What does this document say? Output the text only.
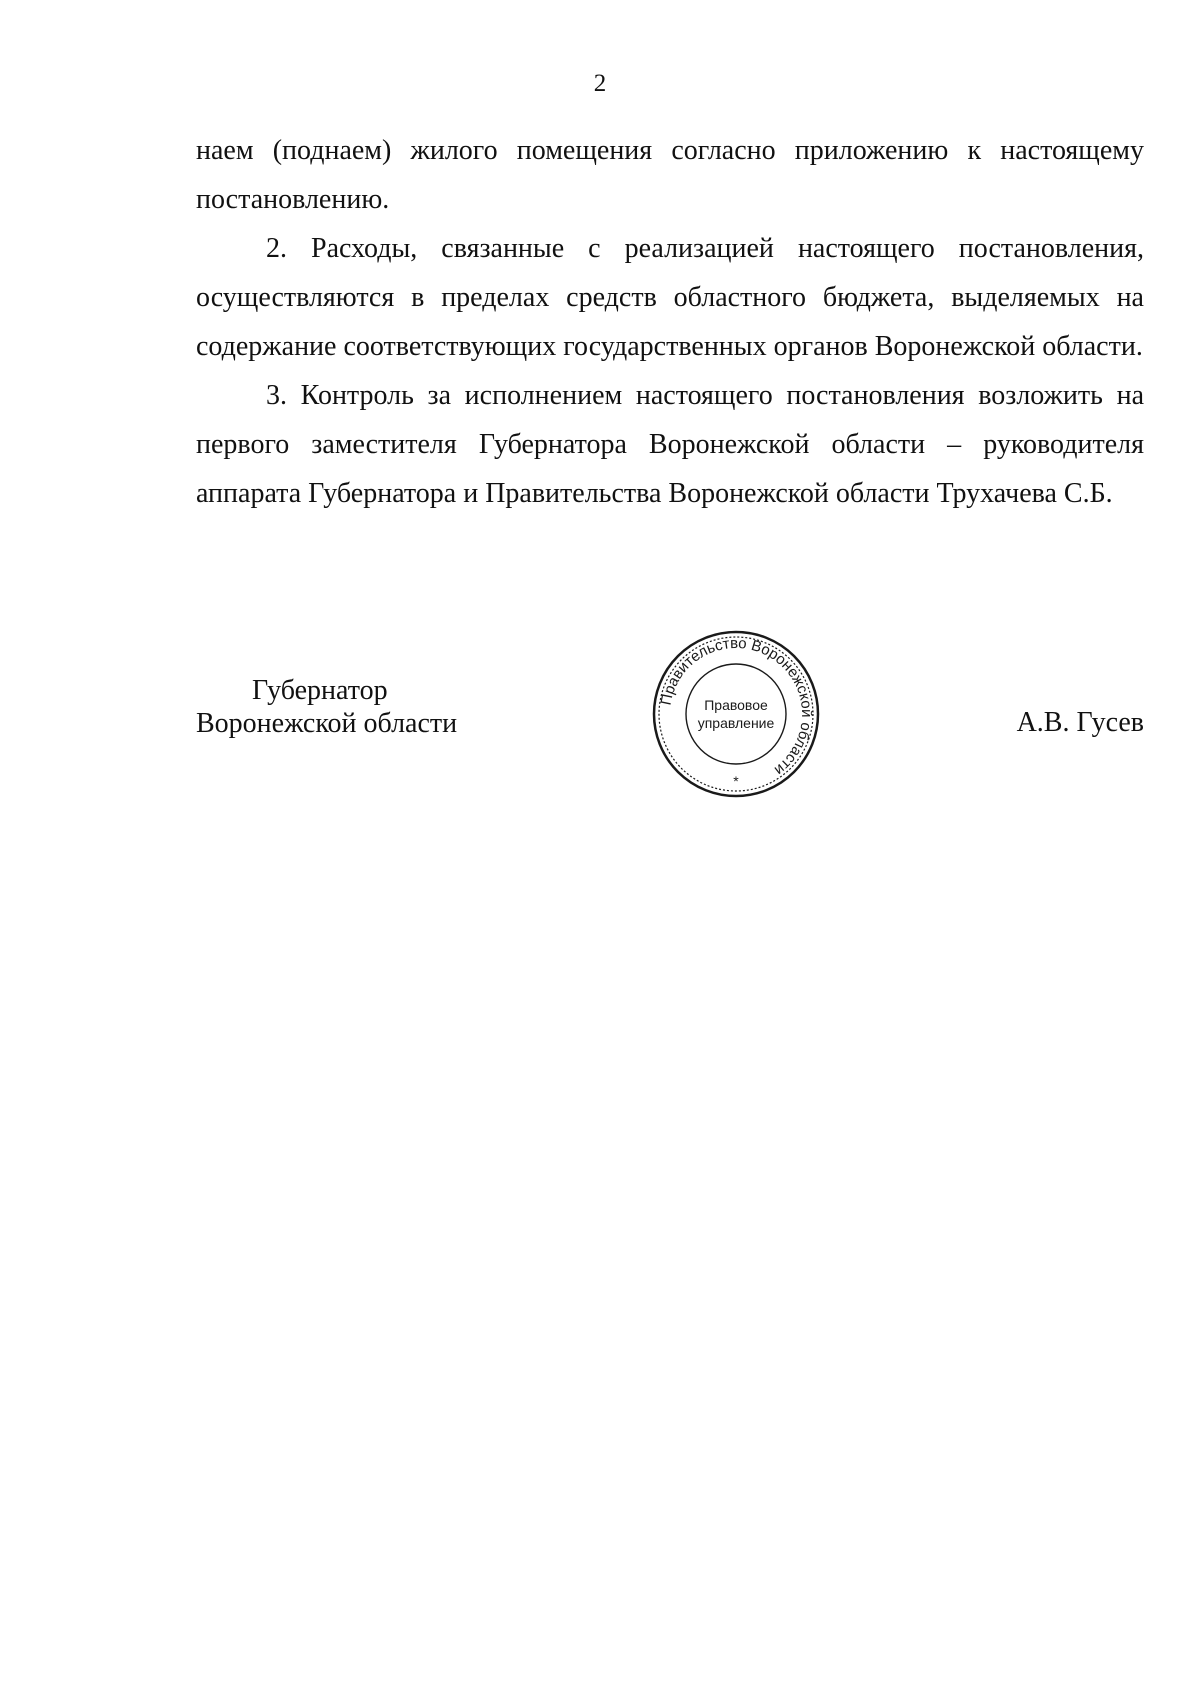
2

наем (поднаем) жилого помещения согласно приложению к настоящему постановлению.

2. Расходы, связанные с реализацией настоящего постановления, осуществляются в пределах средств областного бюджета, выделяемых на содержание соответствующих государственных органов Воронежской области.

3. Контроль за исполнением настоящего постановления возложить на первого заместителя Губернатора Воронежской области – руководителя аппарата Губернатора и Правительства Воронежской области Трухачева С.Б.

Губернатор
Воронежской области
Правительство Воронежской области
Правовое
управление
*
А.В. Гусев
